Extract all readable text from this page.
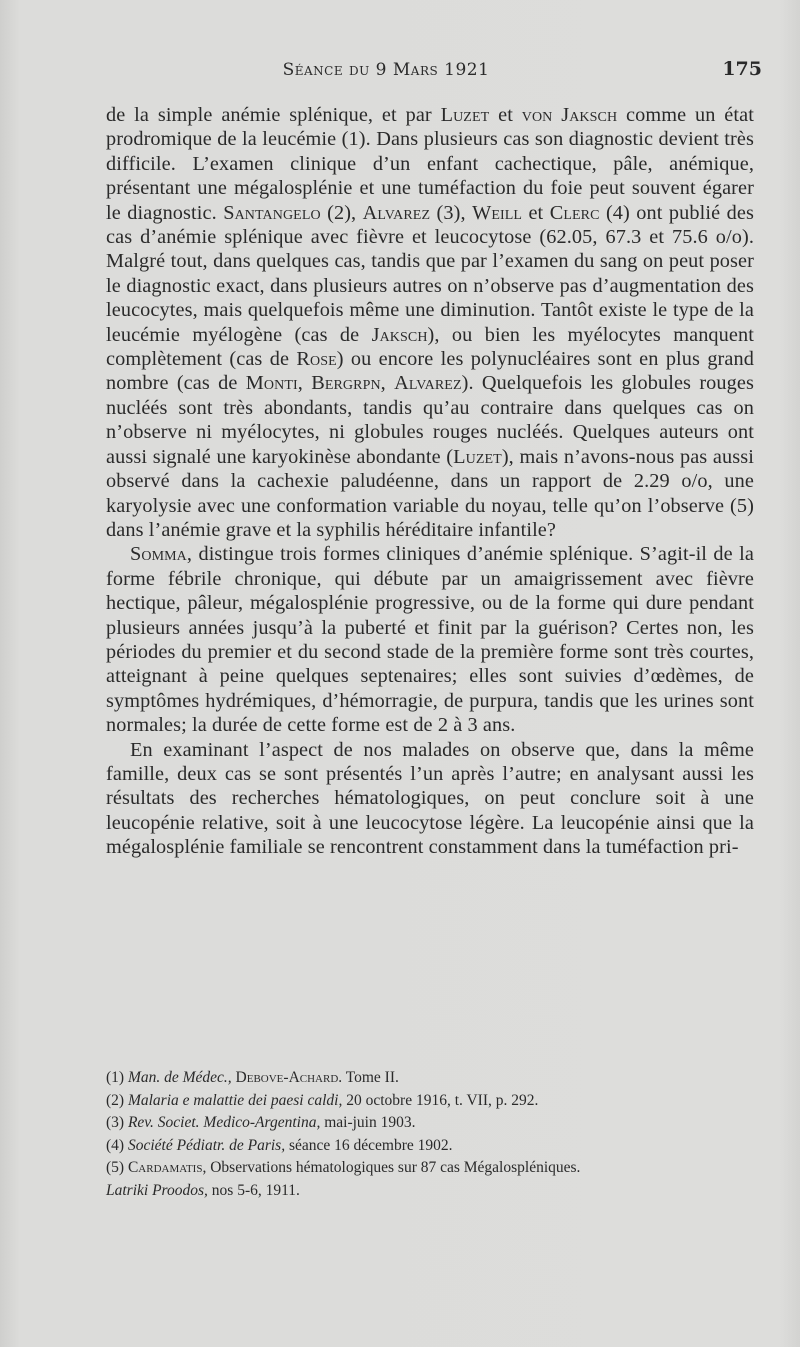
Séance du 9 Mars 1921	175

de la simple anémie splénique, et par Luzet et von Jaksch comme un état prodromique de la leucémie (1). Dans plusieurs cas son diagnostic devient très difficile. L’examen clinique d’un enfant cachectique, pâle, anémique, présentant une mégalosplénie et une tuméfaction du foie peut souvent égarer le diagnostic. Santangelo (2), Alvarez (3), Weill et Clerc (4) ont publié des cas d’anémie splénique avec fièvre et leucocytose (62.05, 67.3 et 75.6 o/o). Malgré tout, dans quelques cas, tandis que par l’examen du sang on peut poser le diagnostic exact, dans plusieurs autres on n’observe pas d’augmentation des leucocytes, mais quelquefois même une diminution. Tantôt existe le type de la leucémie myélogène (cas de Jaksch), ou bien les myélocytes manquent complètement (cas de Rose) ou encore les polynucléaires sont en plus grand nombre (cas de Monti, Bergrpn, Alvarez). Quelquefois les globules rouges nucléés sont très abondants, tandis qu’au contraire dans quelques cas on n’observe ni myélocytes, ni globules rouges nucléés. Quelques auteurs ont aussi signalé une karyokinèse abondante (Luzet), mais n’avons-nous pas aussi observé dans la cachexie paludéenne, dans un rapport de 2.29 o/o, une karyolysie avec une conformation variable du noyau, telle qu’on l’observe (5) dans l’anémie grave et la syphilis héréditaire infantile?

Somma, distingue trois formes cliniques d’anémie splénique. S’agit-il de la forme fébrile chronique, qui débute par un amaigrissement avec fièvre hectique, pâleur, mégalosplénie progressive, ou de la forme qui dure pendant plusieurs années jusqu’à la puberté et finit par la guérison? Certes non, les périodes du premier et du second stade de la première forme sont très courtes, atteignant à peine quelques septenaires; elles sont suivies d’œdèmes, de symptômes hydrémiques, d’hémorragie, de purpura, tandis que les urines sont normales; la durée de cette forme est de 2 à 3 ans.

En examinant l’aspect de nos malades on observe que, dans la même famille, deux cas se sont présentés l’un après l’autre; en analysant aussi les résultats des recherches hématologiques, on peut conclure soit à une leucopénie relative, soit à une leucocytose légère. La leucopénie ainsi que la mégalosplénie familiale se rencontrent constamment dans la tuméfaction pri-

(1) Man. de Médec., Debove-Achard. Tome II.

(2) Malaria e malattie dei paesi caldi, 20 octobre 1916, t. VII, p. 292.

(3) Rev. Societ. Medico-Argentina, mai-juin 1903.

(4) Société Pédiatr. de Paris, séance 16 décembre 1902.

(5) Cardamatis, Observations hématologiques sur 87 cas Mégalospléniques.
Latriki Proodos, nos 5-6, 1911.
